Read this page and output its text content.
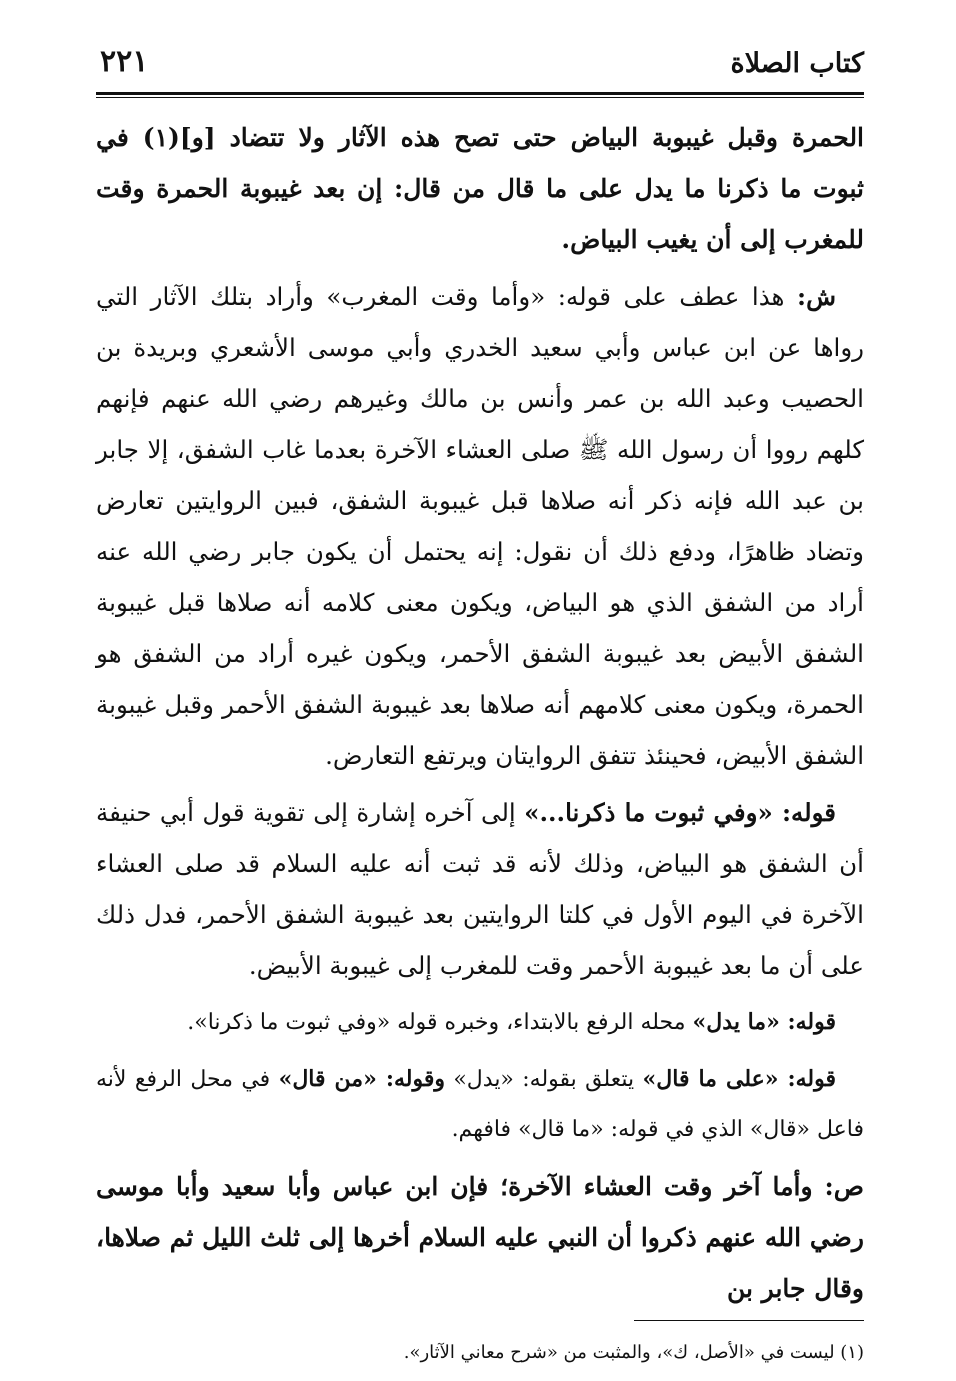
كتاب الصلاة
٢٢١

الحمرة وقبل غيبوبة البياض حتى تصح هذه الآثار ولا تتضاد [و](١) في ثبوت ما ذكرنا ما يدل على ما قال من قال: إن بعد غيبوبة الحمرة وقت للمغرب إلى أن يغيب البياض.

ش: هذا عطف على قوله: «وأما وقت المغرب» وأراد بتلك الآثار التي رواها عن ابن عباس وأبي سعيد الخدري وأبي موسى الأشعري وبريدة بن الحصيب وعبد الله بن عمر وأنس بن مالك وغيرهم رضي الله عنهم فإنهم كلهم رووا أن رسول الله ﷺ صلى العشاء الآخرة بعدما غاب الشفق، إلا جابر بن عبد الله فإنه ذكر أنه صلاها قبل غيبوبة الشفق، فبين الروايتين تعارض وتضاد ظاهرًا، ودفع ذلك أن نقول: إنه يحتمل أن يكون جابر رضي الله عنه أراد من الشفق الذي هو البياض، ويكون معنى كلامه أنه صلاها قبل غيبوبة الشفق الأبيض بعد غيبوبة الشفق الأحمر، ويكون غيره أراد من الشفق هو الحمرة، ويكون معنى كلامهم أنه صلاها بعد غيبوبة الشفق الأحمر وقبل غيبوبة الشفق الأبيض، فحينئذ تتفق الروايتان ويرتفع التعارض.

قوله: «وفي ثبوت ما ذكرنا...» إلى آخره إشارة إلى تقوية قول أبي حنيفة أن الشفق هو البياض، وذلك لأنه قد ثبت أنه عليه السلام قد صلى العشاء الآخرة في اليوم الأول في كلتا الروايتين بعد غيبوبة الشفق الأحمر، فدل ذلك على أن ما بعد غيبوبة الأحمر وقت للمغرب إلى غيبوبة الأبيض.

قوله: «ما يدل» محله الرفع بالابتداء، وخبره قوله «وفي ثبوت ما ذكرنا».

قوله: «على ما قال» يتعلق بقوله: «يدل» وقوله: «من قال» في محل الرفع لأنه فاعل «قال» الذي في قوله: «ما قال» فافهم.

ص: وأما آخر وقت العشاء الآخرة؛ فإن ابن عباس وأبا سعيد وأبا موسى رضي الله عنهم ذكروا أن النبي عليه السلام أخرها إلى ثلث الليل ثم صلاها، وقال جابر بن

(١) ليست في «الأصل، ك»، والمثبت من «شرح معاني الآثار».
